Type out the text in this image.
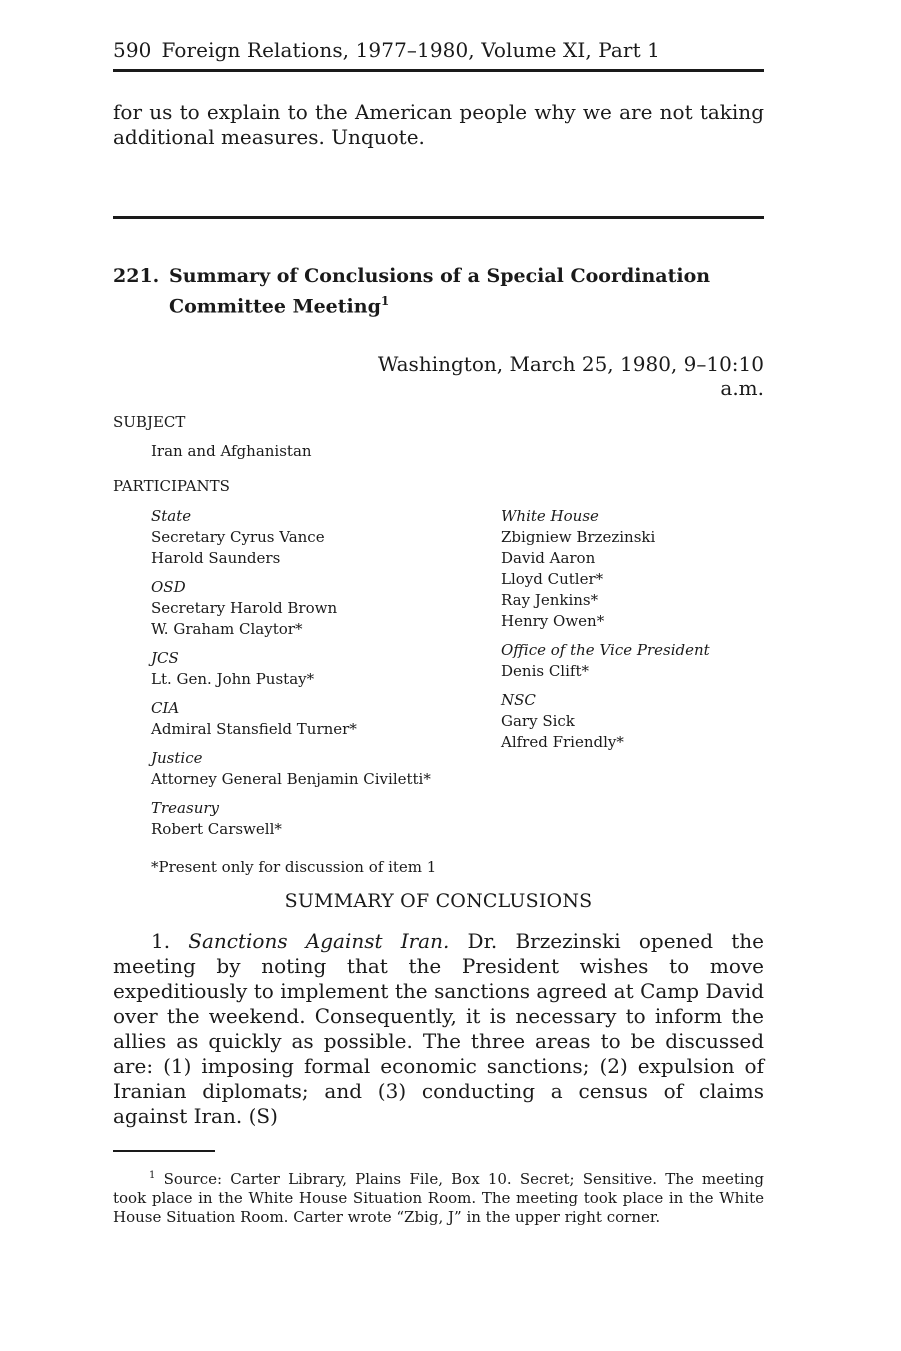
590 Foreign Relations, 1977–1980, Volume XI, Part 1
for us to explain to the American people why we are not taking additional measures. Unquote.
221. Summary of Conclusions of a Special Coordination Committee Meeting$^1$
Washington, March 25, 1980, 9–10:10 a.m.
SUBJECT
Iran and Afghanistan
PARTICIPANTS
State
Secretary Cyrus Vance
Harold Saunders
OSD
Secretary Harold Brown
W. Graham Claytor*
JCS
Lt. Gen. John Pustay*
CIA
Admiral Stansfield Turner*
Justice
Attorney General Benjamin Civiletti*
Treasury
Robert Carswell*
White House
Zbigniew Brzezinski
David Aaron
Lloyd Cutler*
Ray Jenkins*
Henry Owen*
Office of the Vice President
Denis Clift*
NSC
Gary Sick
Alfred Friendly*
*Present only for discussion of item 1
SUMMARY OF CONCLUSIONS
1. Sanctions Against Iran. Dr. Brzezinski opened the meeting by noting that the President wishes to move expeditiously to implement the sanctions agreed at Camp David over the weekend. Consequently, it is necessary to inform the allies as quickly as possible. The three areas to be discussed are: (1) imposing formal economic sanctions; (2) expulsion of Iranian diplomats; and (3) conducting a census of claims against Iran. (S)
$^1$ Source: Carter Library, Plains File, Box 10. Secret; Sensitive. The meeting took place in the White House Situation Room. The meeting took place in the White House Situation Room. Carter wrote “Zbig, J” in the upper right corner.
